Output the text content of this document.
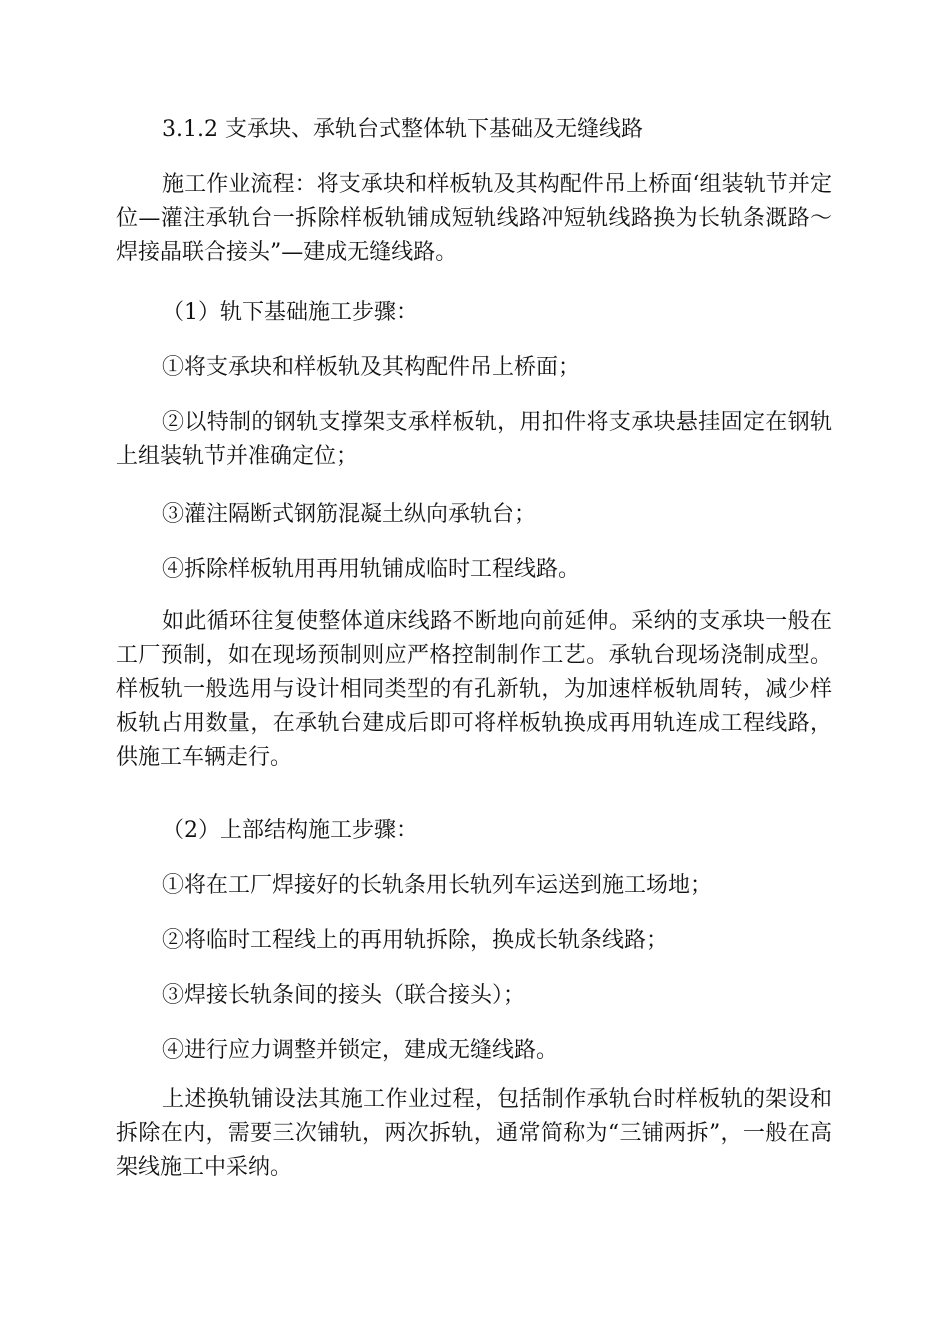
3.1.2 支承块、承轨台式整体轨下基础及无缝线路

施工作业流程：将支承块和样板轨及其构配件吊上桥面‘组装轨节并定位—灌注承轨台一拆除样板轨铺成短轨线路冲短轨线路换为长轨条溉路～焊接晶联合接头”—建成无缝线路。

（1）轨下基础施工步骤：

①将支承块和样板轨及其构配件吊上桥面；

②以特制的钢轨支撑架支承样板轨，用扣件将支承块悬挂固定在钢轨上组装轨节并准确定位；

③灌注隔断式钢筋混凝土纵向承轨台；

④拆除样板轨用再用轨铺成临时工程线路。

如此循环往复使整体道床线路不断地向前延伸。采纳的支承块一般在工厂预制，如在现场预制则应严格控制制作工艺。承轨台现场浇制成型。样板轨一般选用与设计相同类型的有孔新轨，为加速样板轨周转，减少样板轨占用数量，在承轨台建成后即可将样板轨换成再用轨连成工程线路，供施工车辆走行。

（2）上部结构施工步骤：

①将在工厂焊接好的长轨条用长轨列车运送到施工场地；

②将临时工程线上的再用轨拆除，换成长轨条线路；

③焊接长轨条间的接头（联合接头）；

④进行应力调整并锁定，建成无缝线路。

上述换轨铺设法其施工作业过程，包括制作承轨台时样板轨的架设和拆除在内，需要三次铺轨，两次拆轨，通常简称为“三铺两拆”，一般在高架线施工中采纳。
